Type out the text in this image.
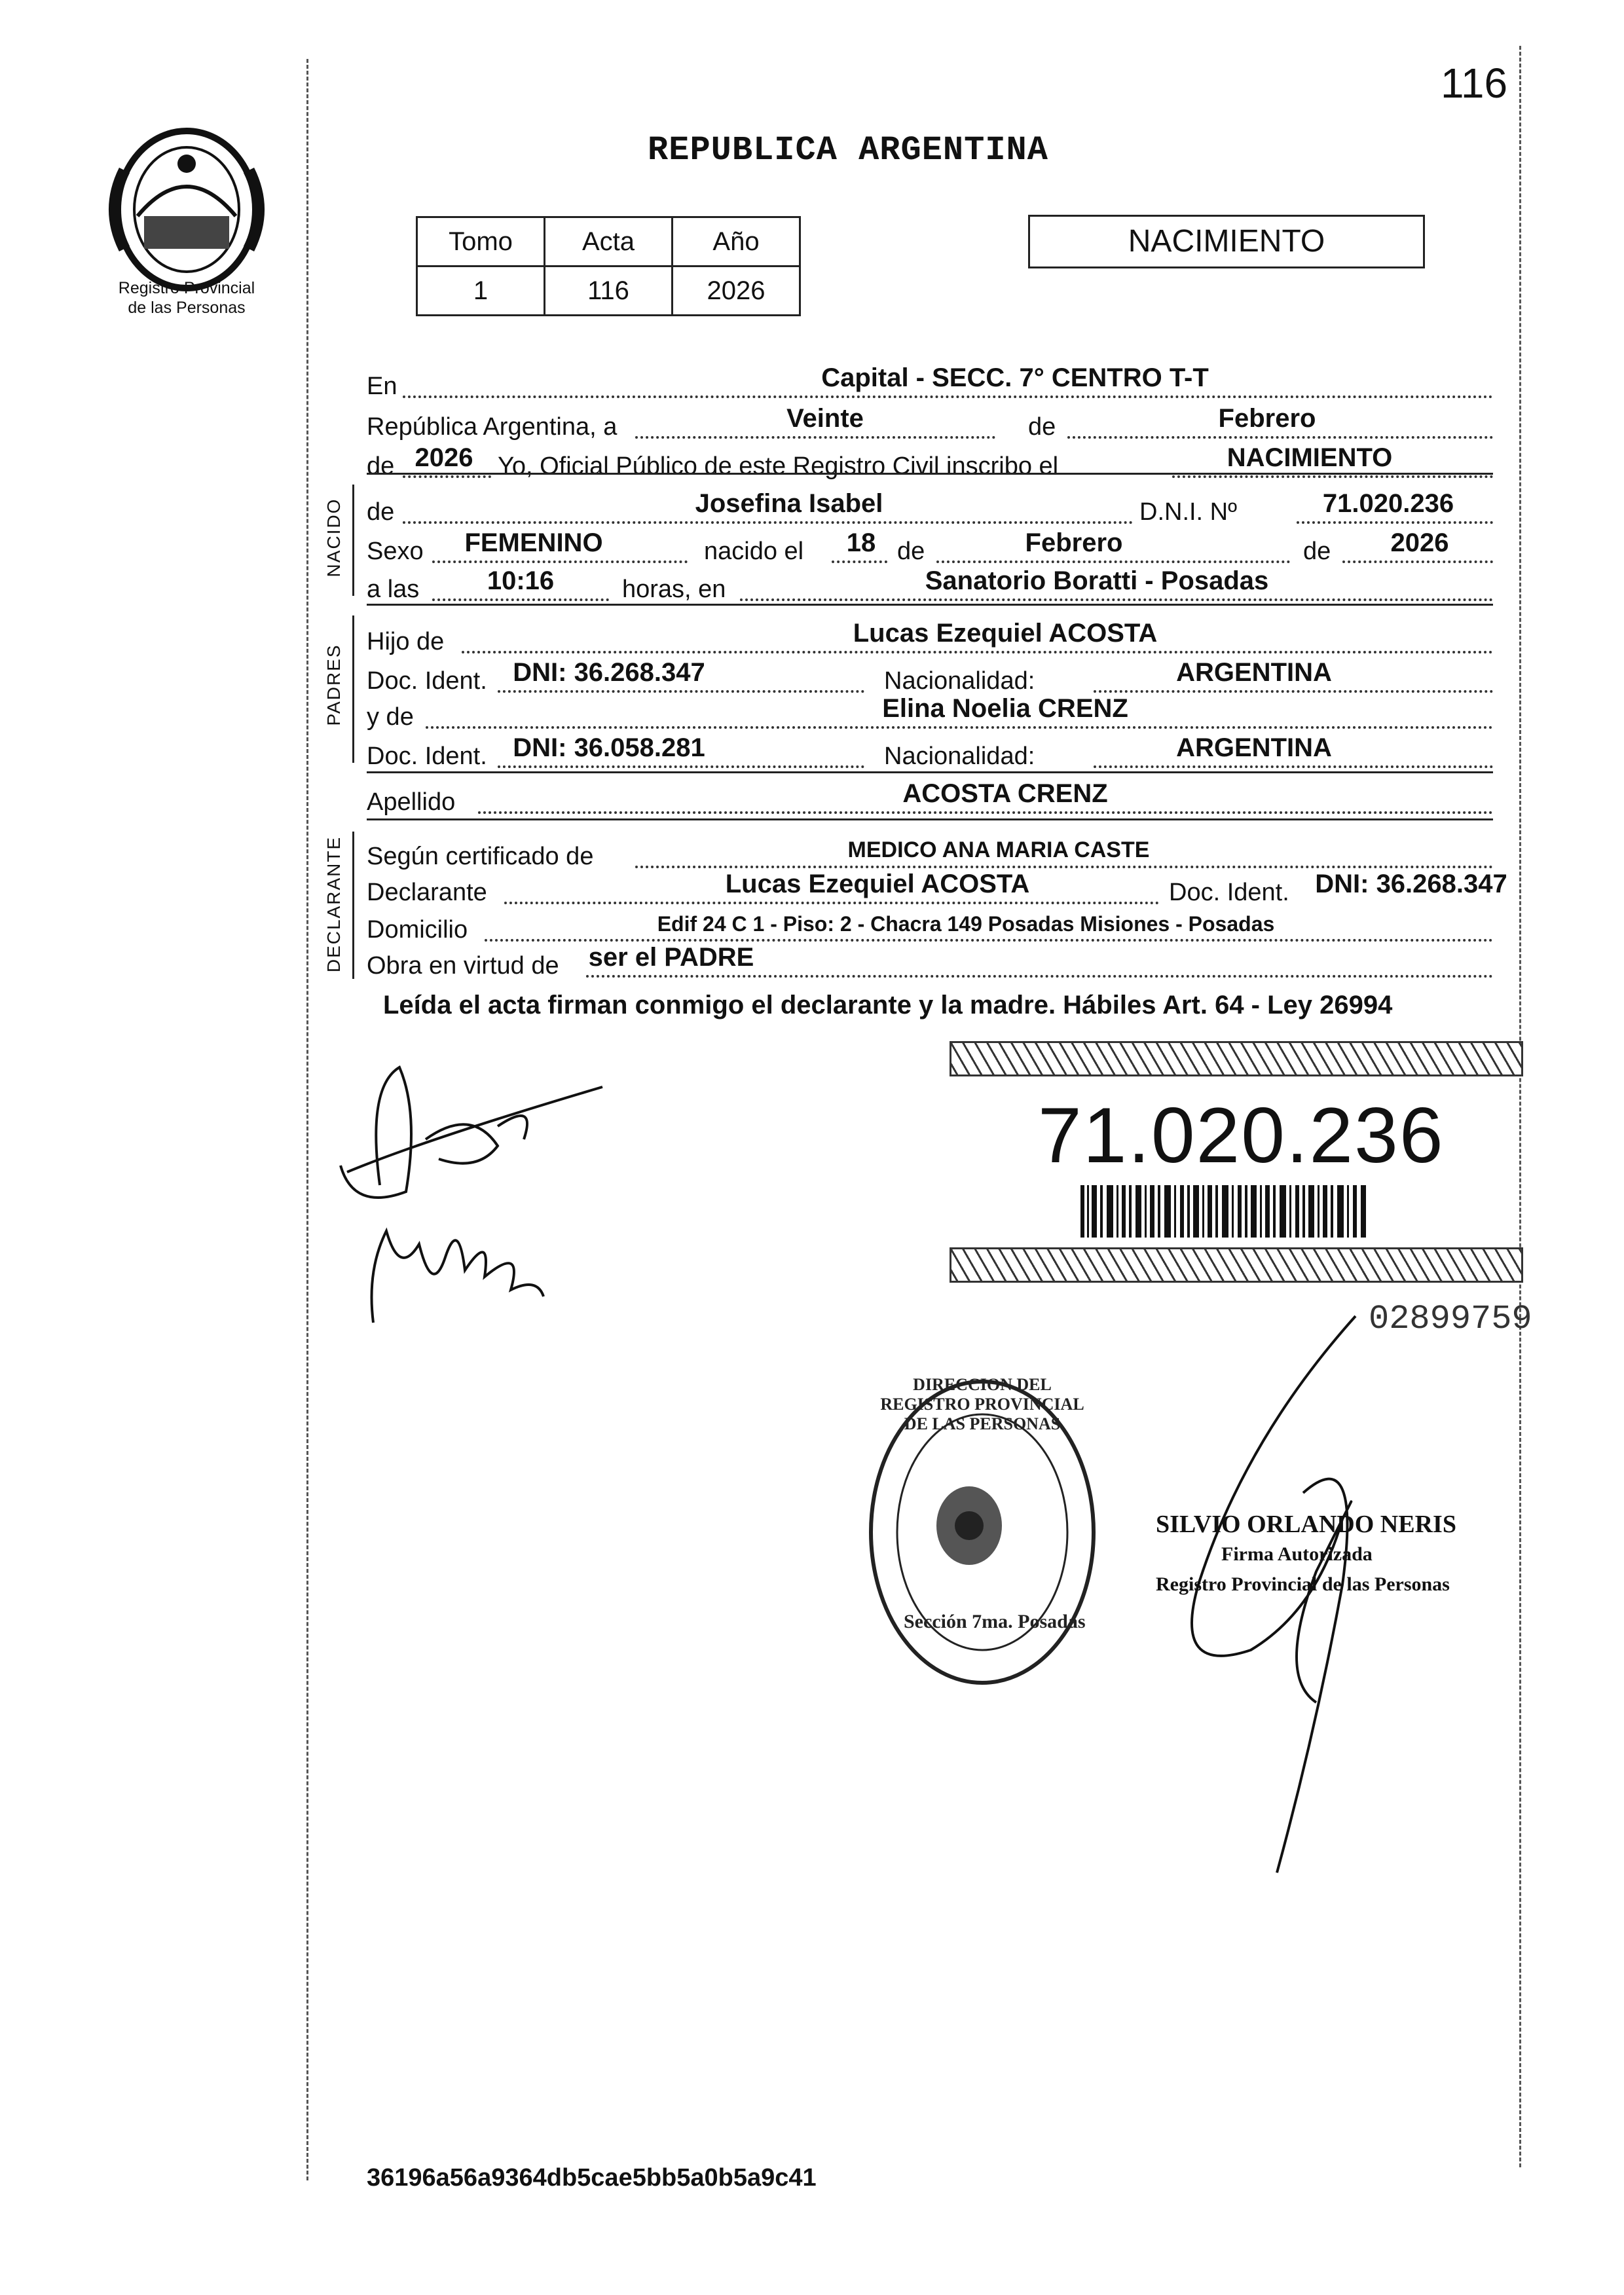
116
REPUBLICA ARGENTINA
Registro Provincial
de las Personas
Tomo	Acta	Año
1	116	2026
NACIMIENTO
En	Capital - SECC. 7° CENTRO T-T
República Argentina, a	Veinte	de	Febrero
de 2026 Yo, Oficial Público de este Registro Civil inscribo el	NACIMIENTO
NACIDO de	Josefina Isabel	D.N.I. Nº	71.020.236
Sexo FEMENINO	nacido el 18 de	Febrero	de 2026
a las	10:16	horas, en	Sanatorio Boratti - Posadas
PADRES
Hijo de	Lucas Ezequiel ACOSTA
Doc. Ident. DNI: 36.268.347	Nacionalidad:	ARGENTINA
y de	Elina Noelia CRENZ
Doc. Ident. DNI: 36.058.281	Nacionalidad:	ARGENTINA
Apellido	ACOSTA CRENZ
DECLARANTE Según certificado de	MEDICO ANA MARIA CASTE
Declarante	Lucas Ezequiel ACOSTA	Doc. Ident. DNI: 36.268.347
Domicilio	Edif 24 C 1 - Piso: 2 - Chacra 149 Posadas Misiones - Posadas
Obra en virtud de ser el PADRE
Leída el acta firman conmigo el declarante y la madre. Hábiles Art. 64 - Ley 26994
71.020.236
02899759
DIRECCION DEL REGISTRO PROVINCIAL DE LAS PERSONAS
Sección 7ma. Posadas
SILVIO ORLANDO NERIS
Firma Autorizada
Registro Provincial de las Personas
36196a56a9364db5cae5bb5a0b5a9c41
